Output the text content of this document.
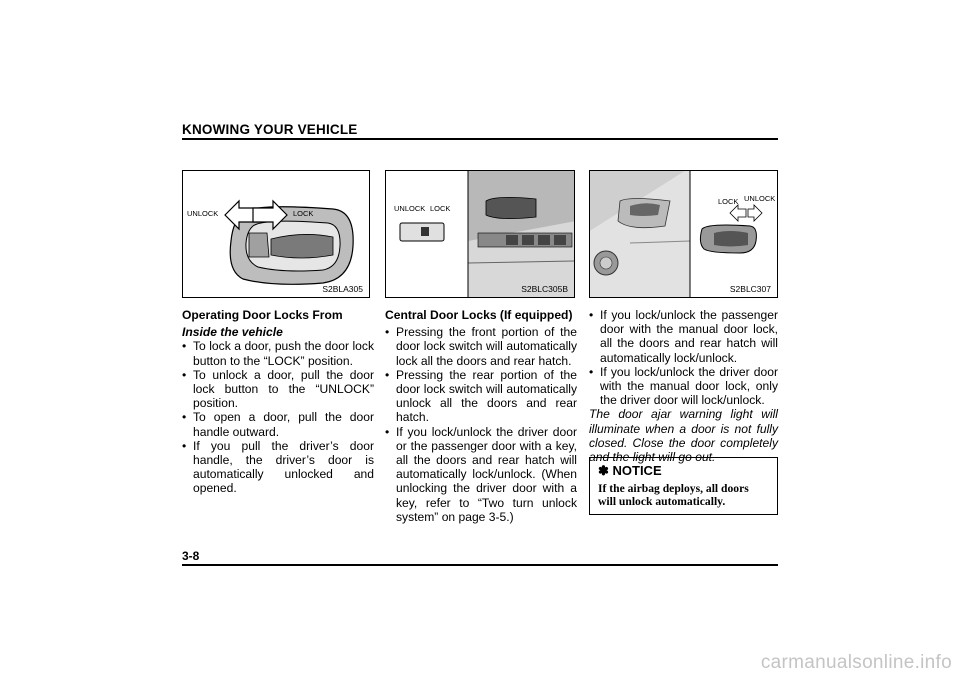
KNOWING YOUR VEHICLE
UNLOCK	LOCK
S2BLA305
UNLOCK LOCK
S2BLC305B
LOCK UNLOCK
S2BLC307
Operating Door Locks From
Inside the vehicle
• To lock a door, push the door lock button to the “LOCK” position.
• To unlock a door, pull the door lock button to the “UNLOCK” position.
• To open a door, pull the door handle outward.
• If you pull the driver’s door handle, the driver’s door is automatically unlocked and opened.
Central Door Locks (If equipped)
• Pressing the front portion of the door lock switch will automatically lock all the doors and rear hatch.
• Pressing the rear portion of the door lock switch will automatically unlock all the doors and rear hatch.
• If you lock/unlock the driver door or the passenger door with a key, all the doors and rear hatch will automatically lock/unlock. (When unlocking the driver door with a key, refer to “Two turn unlock system” on page 3-5.)
• If you lock/unlock the passenger door with the manual door lock, all the doors and rear hatch will automatically lock/unlock.
• If you lock/unlock the driver door with the manual door lock, only the driver door will lock/unlock.
The door ajar warning light will illuminate when a door is not fully closed. Close the door completely and the light will go out.
✽ NOTICE
If the airbag deploys, all doors will unlock automatically.
3-8
carmanualsonline.info
